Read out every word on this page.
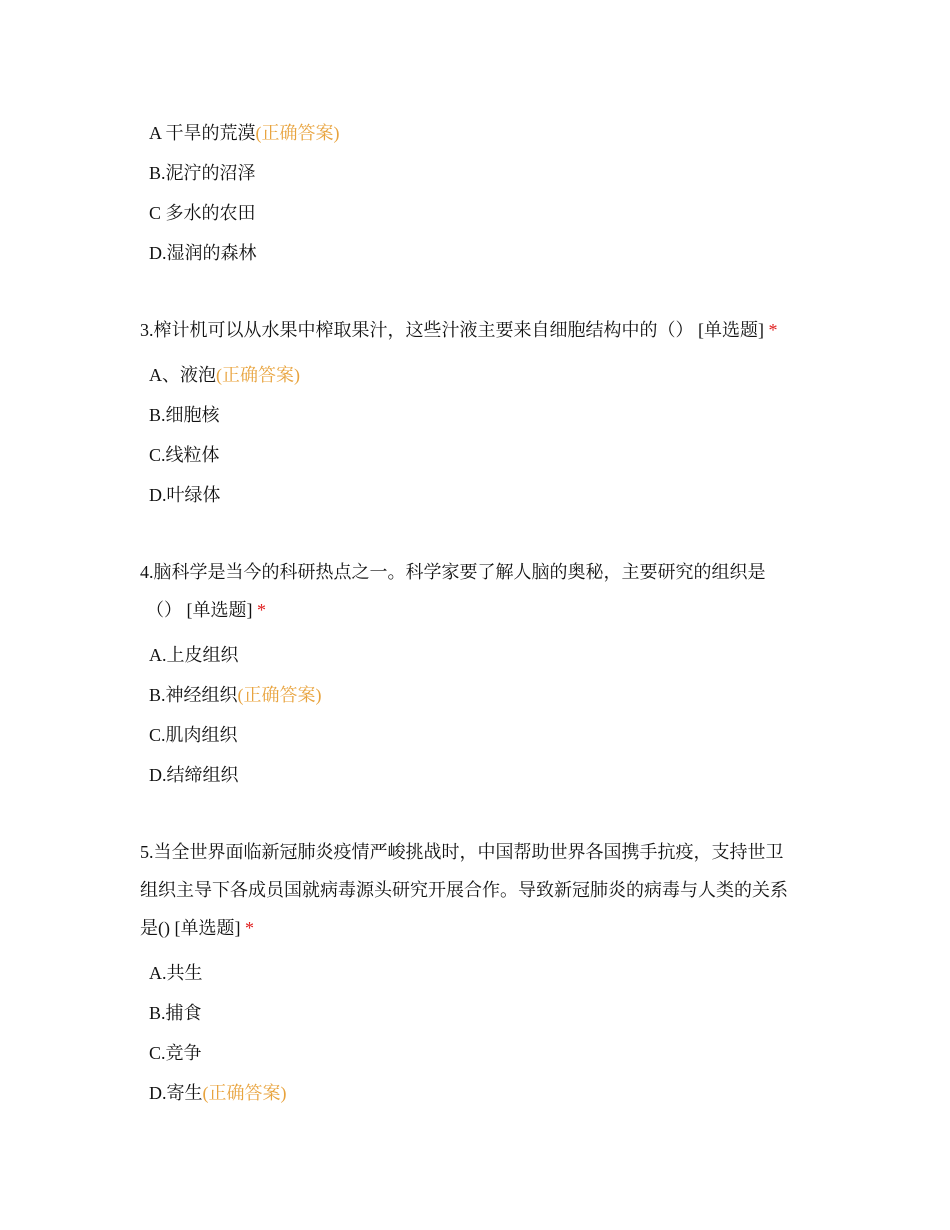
A 干旱的荒漠(正确答案)
B.泥泞的沼泽
C 多水的农田
D.湿润的森林
3.榨计机可以从水果中榨取果汁，这些汁液主要来自细胞结构中的（） [单选题] *
A、液泡(正确答案)
B.细胞核
C.线粒体
D.叶绿体
4.脑科学是当今的科研热点之一。科学家要了解人脑的奥秘，主要研究的组织是
（） [单选题] *
A.上皮组织
B.神经组织(正确答案)
C.肌肉组织
D.结缔组织
5.当全世界面临新冠肺炎疫情严峻挑战时，中国帮助世界各国携手抗疫，支持世卫
组织主导下各成员国就病毒源头研究开展合作。导致新冠肺炎的病毒与人类的关系
是() [单选题] *
A.共生
B.捕食
C.竞争
D.寄生(正确答案)
